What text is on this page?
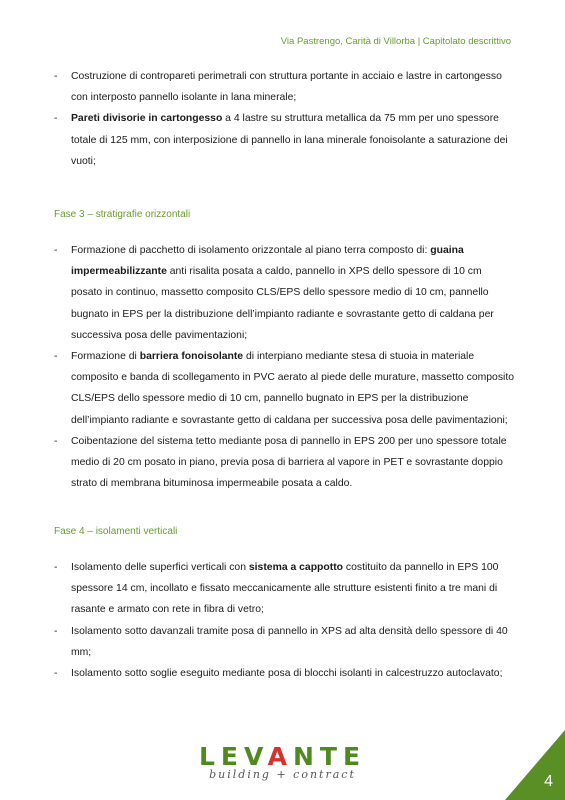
Via Pastrengo, Carità di Villorba | Capitolato descrittivo
- Costruzione di contropareti perimetrali con struttura portante in acciaio e lastre in cartongesso con interposto pannello isolante in lana minerale;
- Pareti divisorie in cartongesso a 4 lastre su struttura metallica da 75 mm per uno spessore totale di 125 mm, con interposizione di pannello in lana minerale fonoisolante a saturazione dei vuoti;
Fase 3 – stratigrafie orizzontali
- Formazione di pacchetto di isolamento orizzontale al piano terra composto di: guaina impermeabilizzante anti risalita posata a caldo, pannello in XPS dello spessore di 10 cm posato in continuo, massetto composito CLS/EPS dello spessore medio di 10 cm, pannello bugnato in EPS per la distribuzione dell’impianto radiante e sovrastante getto di caldana per successiva posa delle pavimentazioni;
- Formazione di barriera fonoisolante di interpiano mediante stesa di stuoia in materiale composito e banda di scollegamento in PVC aerato al piede delle murature, massetto composito CLS/EPS dello spessore medio di 10 cm, pannello bugnato in EPS per la distribuzione dell’impianto radiante e sovrastante getto di caldana per successiva posa delle pavimentazioni;
- Coibentazione del sistema tetto mediante posa di pannello in EPS 200 per uno spessore totale medio di 20 cm posato in piano, previa posa di barriera al vapore in PET e sovrastante doppio strato di membrana bituminosa impermeabile posata a caldo.
Fase 4 – isolamenti verticali
- Isolamento delle superfici verticali con sistema a cappotto costituito da pannello in EPS 100 spessore 14 cm, incollato e fissato meccanicamente alle strutture esistenti finito a tre mani di rasante e armato con rete in fibra di vetro;
- Isolamento sotto davanzali tramite posa di pannello in XPS ad alta densità dello spessore di 40 mm;
- Isolamento sotto soglie eseguito mediante posa di blocchi isolanti in calcestruzzo autoclavato;
LEVANTE
building + contract	4
